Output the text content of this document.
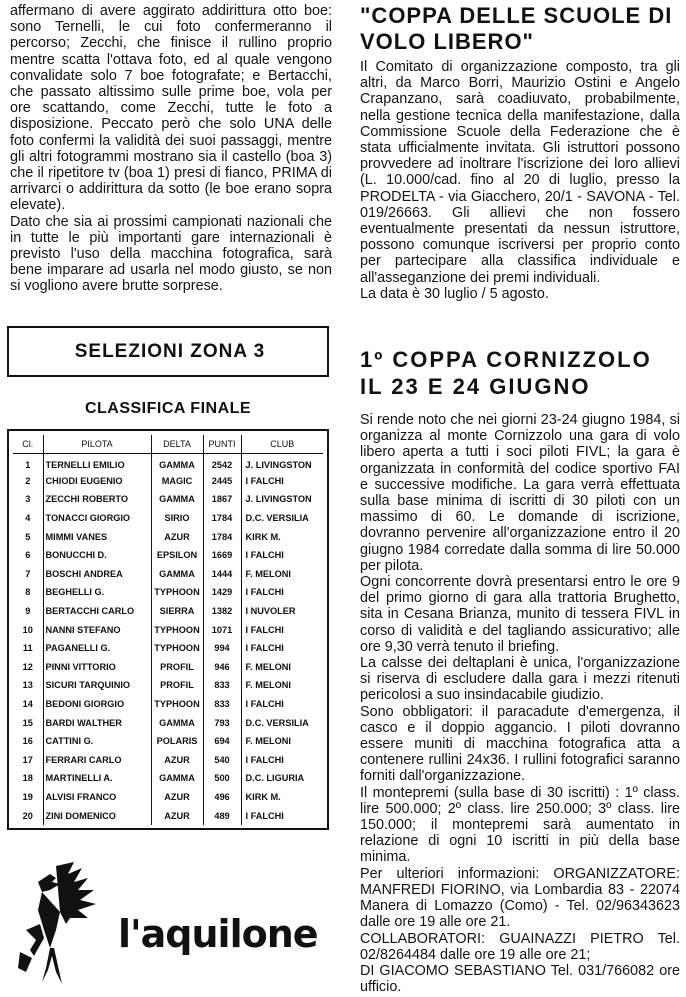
affermano di avere aggirato addirittura otto boe: sono Ternelli, le cui foto confermeranno il percorso; Zecchi, che finisce il rullino proprio mentre scatta l'ottava foto, ed al quale vengono convalidate solo 7 boe fotografate; e Bertacchi, che passato altissimo sulle prime boe, vola per ore scattando, come Zecchi, tutte le foto a disposizione. Peccato però che solo UNA delle foto confermi la validità dei suoi passaggi, mentre gli altri fotogrammi mostrano sia il castello (boa 3) che il ripetitore tv (boa 1) presi di fianco, PRIMA di arrivarci o addirittura da sotto (le boe erano sopra elevate).

Dato che sia ai prossimi campionati nazionali che in tutte le più importanti gare internazionali è previsto l'uso della macchina fotografica, sarà bene imparare ad usarla nel modo giusto, se non si vogliono avere brutte sorprese.

"COPPA DELLE SCUOLE DI VOLO LIBERO"

Il Comitato di organizzazione composto, tra gli altri, da Marco Borri, Maurizio Ostini e Angelo Crapanzano, sarà coadiuvato, probabilmente, nella gestione tecnica della manifestazione, dalla Commissione Scuole della Federazione che è stata ufficialmente invitata. Gli istruttori possono provvedere ad inoltrare l'iscrizione dei loro allievi (L. 10.000/cad. fino al 20 di luglio, presso la PRODELTA - via Giacchero, 20/1 - SAVONA - Tel. 019/26663. Gli allievi che non fossero eventualmente presentati da nessun istruttore, possono comunque iscriversi per proprio conto per partecipare alla classifica individuale e all'asseganzione dei premi individuali.

La data è 30 luglio / 5 agosto.

SELEZIONI ZONA 3
CLASSIFICA FINALE
Cl.	PILOTA	DELTA	PUNTI	CLUB
1	TERNELLI EMILIO	GAMMA	2542	J. LIVINGSTON
2	CHIODI EUGENIO	MAGIC	2445	I FALCHI
3	ZECCHI ROBERTO	GAMMA	1867	J. LIVINGSTON
4	TONACCI GIORGIO	SIRIO	1784	D.C. VERSILIA
5	MIMMI VANES	AZUR	1784	KIRK M.
6	BONUCCHI D.	EPSILON	1669	I FALCHI
7	BOSCHI ANDREA	GAMMA	1444	F. MELONI
8	BEGHELLI G.	TYPHOON	1429	I FALCHI
9	BERTACCHI CARLO	SIERRA	1382	I NUVOLER
10	NANNI STEFANO	TYPHOON	1071	I FALCHI
11	PAGANELLI G.	TYPHOON	994	I FALCHI
12	PINNI VITTORIO	PROFIL	946	F. MELONI
13	SICURI TARQUINIO	PROFIL	833	F. MELONI
14	BEDONI GIORGIO	TYPHOON	833	I FALCHI
15	BARDI WALTHER	GAMMA	793	D.C. VERSILIA
16	CATTINI G.	POLARIS	694	F. MELONI
17	FERRARI CARLO	AZUR	540	I FALCHI
18	MARTINELLI A.	GAMMA	500	D.C. LIGURIA
19	ALVISI FRANCO	AZUR	496	KIRK M.
20	ZINI DOMENICO	AZUR	489	I FALCHI
1º COPPA CORNIZZOLO IL 23 E 24 GIUGNO

Si rende noto che nei giorni 23-24 giugno 1984, si organizza al monte Cornizzolo una gara di volo libero aperta a tutti i soci piloti FIVL; la gara è organizzata in conformità del codice sportivo FAI e successive modifiche. La gara verrà effettuata sulla base minima di iscritti di 30 piloti con un massimo di 60. Le domande di iscrizione, dovranno pervenire all'organizzazione entro il 20 giugno 1984 corredate dalla somma di lire 50.000 per pilota.

Ogni concorrente dovrà presentarsi entro le ore 9 del primo giorno di gara alla trattoria Brughetto, sita in Cesana Brianza, munito di tessera FIVL in corso di validità e del tagliando assicurativo; alle ore 9,30 verrà tenuto il briefing.

La calsse dei deltaplani è unica, l'organizzazione si riserva di escludere dalla gara i mezzi ritenuti pericolosi a suo insindacabile giudizio.

Sono obbligatori: il paracadute d'emergenza, il casco e il doppio aggancio. I piloti dovranno essere muniti di macchina fotografica atta a contenere rullini 24x36. I rullini fotografici saranno forniti dall'organizzazione.

Il montepremi (sulla base di 30 iscritti) : 1º class. lire 500.000; 2º class. lire 250.000; 3º class. lire 150.000; il montepremi sarà aumentato in relazione di ogni 10 iscritti in più della base minima.

Per ulteriori informazioni: ORGANIZZATORE: MANFREDI FIORINO, via Lombardia 83 - 22074 Manera di Lomazzo (Como) - Tel. 02/96343623 dalle ore 19 alle ore 21.

COLLABORATORI: GUAINAZZI PIETRO Tel. 02/8264484 dalle ore 19 alle ore 21;

DI GIACOMO SEBASTIANO Tel. 031/766082 ore ufficio.

l'aquilone
